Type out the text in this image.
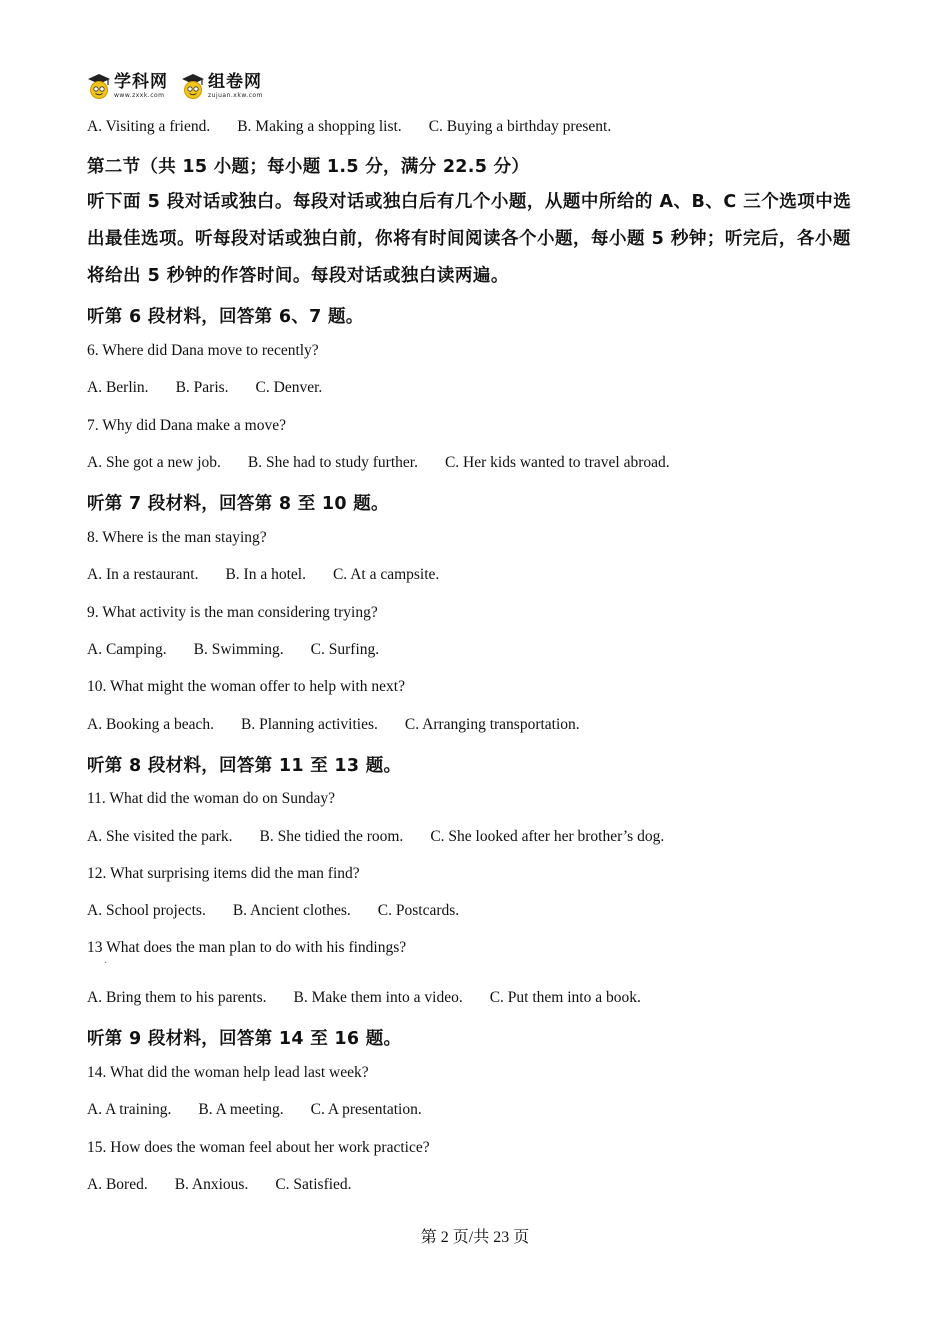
学科网
www.zxxk.com
组卷网
zujuan.xkw.com
A. Visiting a friend. B. Making a shopping list. C. Buying a birthday present.
第二节（共 15 小题；每小题 1.5 分，满分 22.5 分）
听下面 5 段对话或独白。每段对话或独白后有几个小题，从题中所给的 A、B、C 三个选项中选出最佳选项。听每段对话或独白前，你将有时间阅读各个小题，每小题 5 秒钟；听完后，各小题将给出 5 秒钟的作答时间。每段对话或独白读两遍。
听第 6 段材料，回答第 6、7 题。
6. Where did Dana move to recently?
A. Berlin. B. Paris. C. Denver.
7. Why did Dana make a move?
A. She got a new job. B. She had to study further. C. Her kids wanted to travel abroad.
听第 7 段材料，回答第 8 至 10 题。
8. Where is the man staying?
A. In a restaurant. B. In a hotel. C. At a campsite.
9. What activity is the man considering trying?
A. Camping. B. Swimming. C. Surfing.
10. What might the woman offer to help with next?
A. Booking a beach. B. Planning activities. C. Arranging transportation.
听第 8 段材料，回答第 11 至 13 题。
11. What did the woman do on Sunday?
A. She visited the park. B. She tidied the room. C. She looked after her brother’s dog.
12. What surprising items did the man find?
A. School projects. B. Ancient clothes. C. Postcards.
13 What does the man plan to do with his findings?
·
A. Bring them to his parents. B. Make them into a video. C. Put them into a book.
听第 9 段材料，回答第 14 至 16 题。
14. What did the woman help lead last week?
A. A training. B. A meeting. C. A presentation.
15. How does the woman feel about her work practice?
A. Bored. B. Anxious. C. Satisfied.
第 2 页/共 23 页
